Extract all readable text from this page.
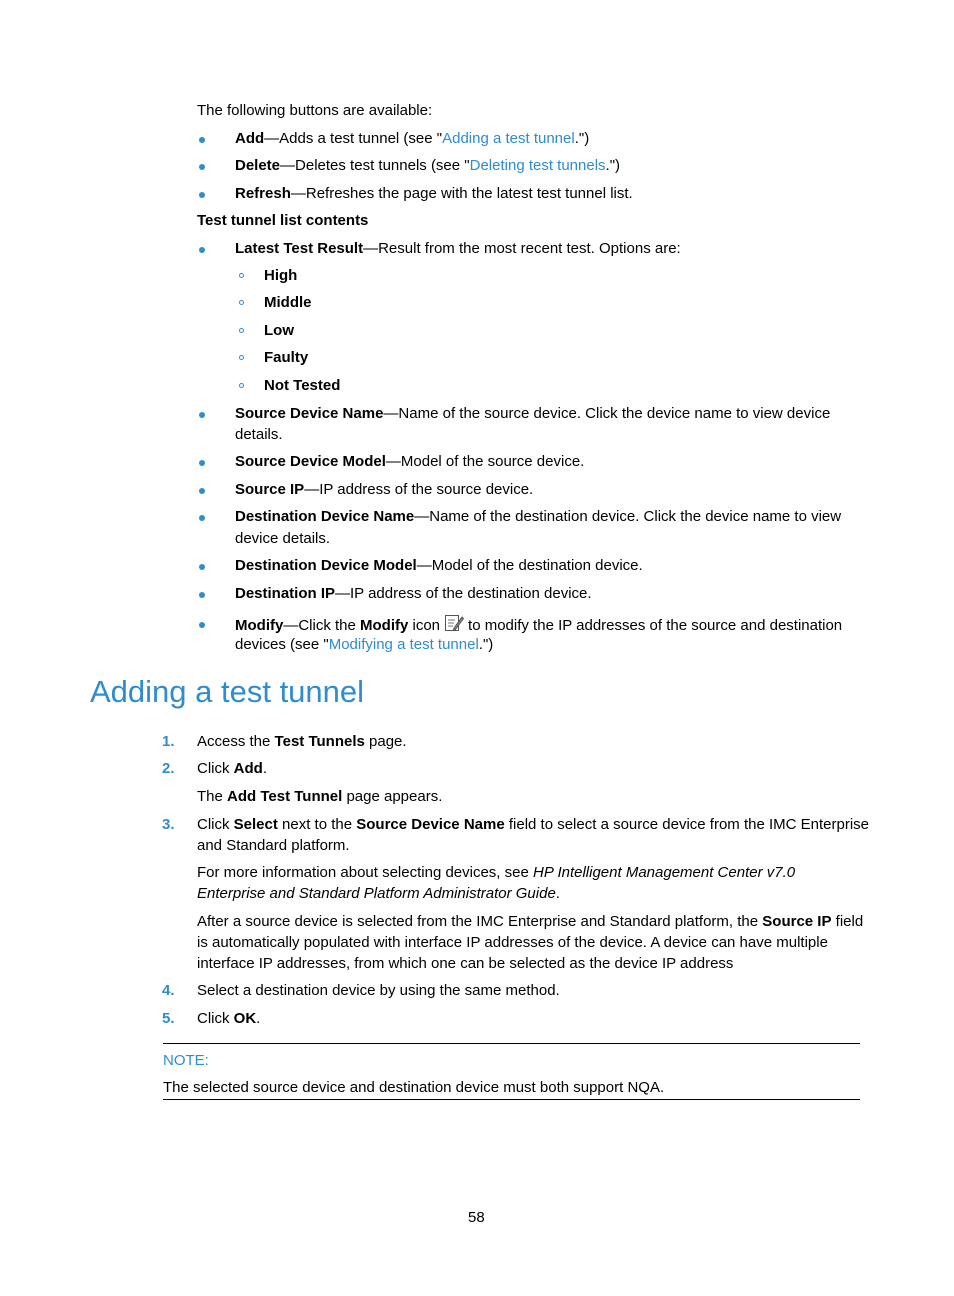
The following buttons are available:
Add—Adds a test tunnel (see "Adding a test tunnel.")
Delete—Deletes test tunnels (see "Deleting test tunnels.")
Refresh—Refreshes the page with the latest test tunnel list.
Test tunnel list contents
Latest Test Result—Result from the most recent test. Options are:
High
Middle
Low
Faulty
Not Tested
Source Device Name—Name of the source device. Click the device name to view device
details.
Source Device Model—Model of the source device.
Source IP—IP address of the source device.
Destination Device Name—Name of the destination device. Click the device name to view
device details.
Destination Device Model—Model of the destination device.
Destination IP—IP address of the destination device.
Modify—Click the Modify icon to modify the IP addresses of the source and destination
devices (see "Modifying a test tunnel.")
Adding a test tunnel
1. Access the Test Tunnels page.
2. Click Add.
The Add Test Tunnel page appears.
3. Click Select next to the Source Device Name field to select a source device from the IMC Enterprise
and Standard platform.
For more information about selecting devices, see HP Intelligent Management Center v7.0
Enterprise and Standard Platform Administrator Guide.
After a source device is selected from the IMC Enterprise and Standard platform, the Source IP field
is automatically populated with interface IP addresses of the device. A device can have multiple
interface IP addresses, from which one can be selected as the device IP address
4. Select a destination device by using the same method.
5. Click OK.
NOTE:
The selected source device and destination device must both support NQA.
58
